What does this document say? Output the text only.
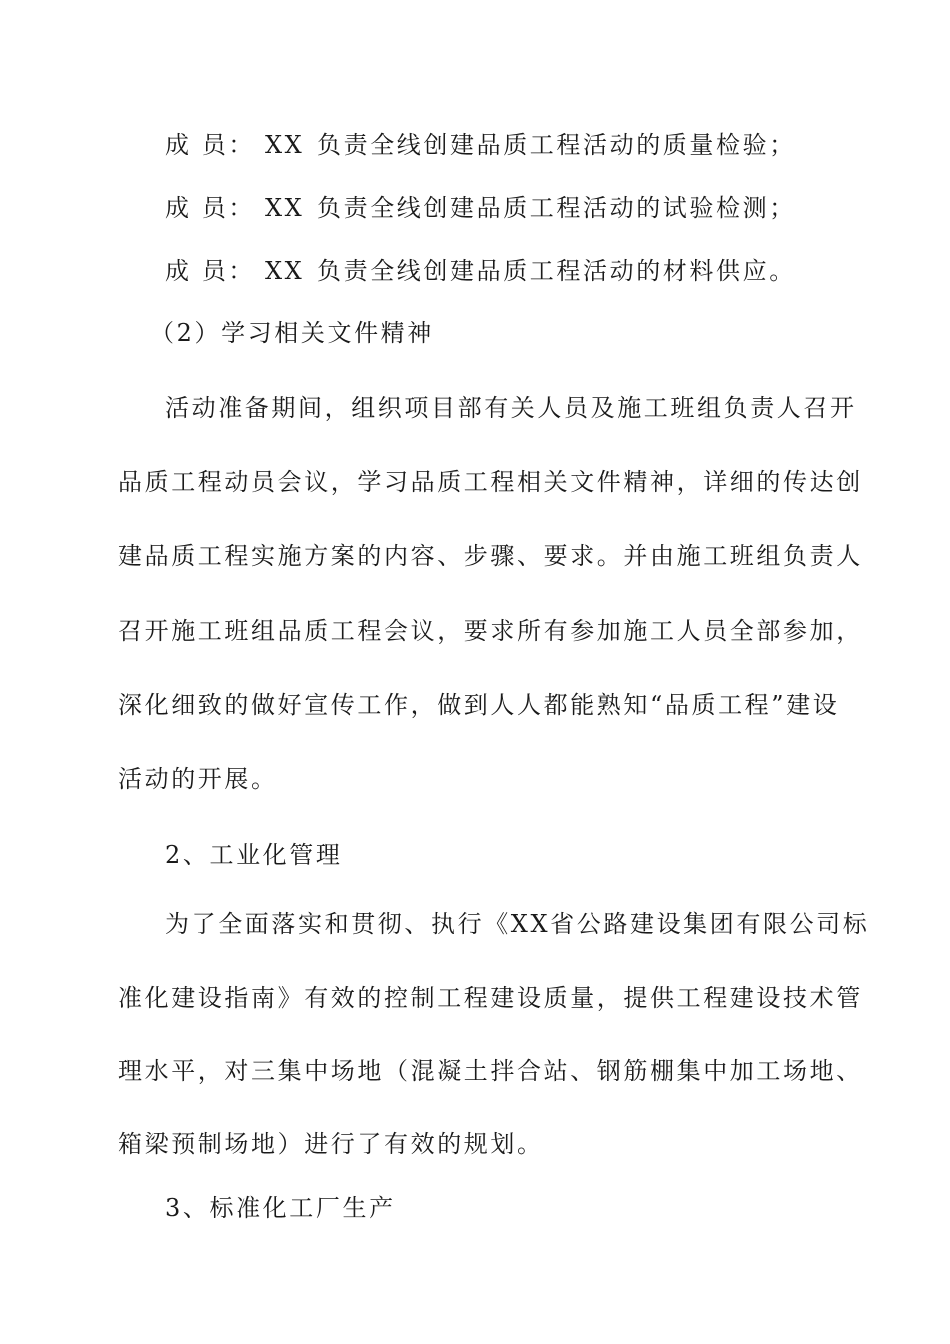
成 员： XX 负责全线创建品质工程活动的质量检验；
成 员： XX 负责全线创建品质工程活动的试验检测；
成 员： XX 负责全线创建品质工程活动的材料供应。
（2）学习相关文件精神
活动准备期间，组织项目部有关人员及施工班组负责人召开
品质工程动员会议，学习品质工程相关文件精神，详细的传达创
建品质工程实施方案的内容、步骤、要求。并由施工班组负责人
召开施工班组品质工程会议，要求所有参加施工人员全部参加，
深化细致的做好宣传工作，做到人人都能熟知“品质工程”建设
活动的开展。
2、工业化管理
为了全面落实和贯彻、执行《XX省公路建设集团有限公司标
准化建设指南》有效的控制工程建设质量，提供工程建设技术管
理水平，对三集中场地（混凝土拌合站、钢筋棚集中加工场地、
箱梁预制场地）进行了有效的规划。
3、标准化工厂生产
